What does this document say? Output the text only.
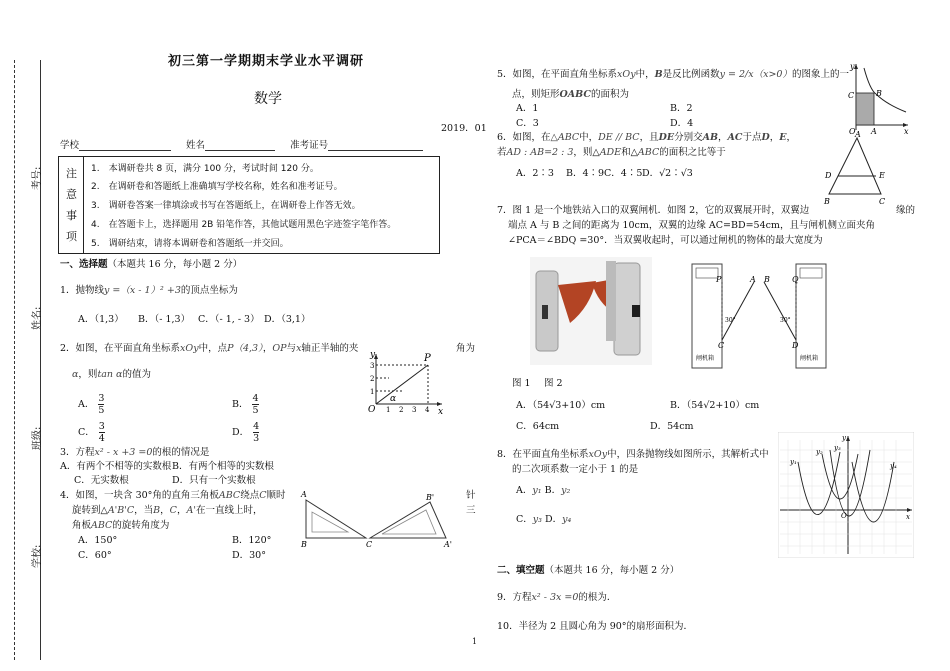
考号:
姓名:
班级:
学校:
初三第一学期期末学业水平调研
数学
2019．01
学校	姓名	准考证号
注
意
事
项
1.　本调研卷共 8 页，满分 100 分，考试时间 120 分。
2.　在调研卷和答题纸上准确填写学校名称，姓名和准考证号。
3.　调研卷答案一律填涂或书写在答题纸上，在调研卷上作答无效。
4.　在答题卡上，选择题用 2B 铅笔作答，其他试题用黑色字迹签字笔作答。
5.　调研结束，请将本调研卷和答题纸一并交回。
一、选择题（本题共 16 分，每小题 2 分）
1．抛物线y =（x - 1）² +3的顶点坐标为
A．（1,3） B．（- 1,3） C．（- 1, - 3） D．（3,1）
2．如图，在平面直角坐标系xOy中，点P（4,3），OP与x轴正半轴的夹	角为
α，则tan α的值为
A． $\frac{3}{5}$	B． $\frac{4}{5}$
C． $\frac{3}{4}$	D． $\frac{4}{3}$
y
x
O
P
α
1 2 3 4
1
2
3
3．方程x² - x +3 =0的根的情况是
A．有两个不相等的实数根 B．有两个相等的实数根
C．无实数根	D．只有一个实数根
4．如图，一块含 30°角的直角三角板ABC绕点C顺时	针
旋转到△A'B'C，当B，C，A'在一直线上时，	三
角板ABC的旋转角度为
A．150°	B．120°
C．60°	D．30°
A
B	C
B'
A'
5．如图，在平面直角坐标系xOy中，B是反比例函数y = 2/x（x>0）的图象上的一
点，则矩形OABC的面积为
A．1	B．2
C．3	D．4
y
x
O A
B
C
6．如图，在△ABC中，DE // BC，且DE分别交AB，AC于点D，E，
若AD : AB=2 : 3，则△ADE和△ABC的面积之比等于
A．2∶3 B．4∶9 C．4∶5 D．√2∶√3
A
B	C
D	E
7．图 1 是一个地铁站入口的双翼闸机．如图 2，它的双翼展开时，双翼边	缘的
端点 A 与 B 之间的距离为 10cm，双翼的边缘 AC=BD=54cm，且与闸机侧立面夹角
∠PCA＝∠BDQ =30°．当双翼收起时，可以通过闸机的物体的最大宽度为
P	A B	Q
C	D
30°	30°
闸机箱	闸机箱
图 1 图 2
A．（54√3+10）cm	B．（54√2+10）cm
C．64cm	D．54cm
8．在平面直角坐标系xOy中，四条抛物线如图所示，其解析式中
的二次项系数一定小于 1 的是
A．y₁ B．y₂
C．y₃ D．y₄
y
x
O
y₁
y₂ y₃
y₄
二、填空题（本题共 16 分，每小题 2 分）
9．方程x² - 3x =0的根为．
10．半径为 2 且圆心角为 90°的扇形面积为．
1
